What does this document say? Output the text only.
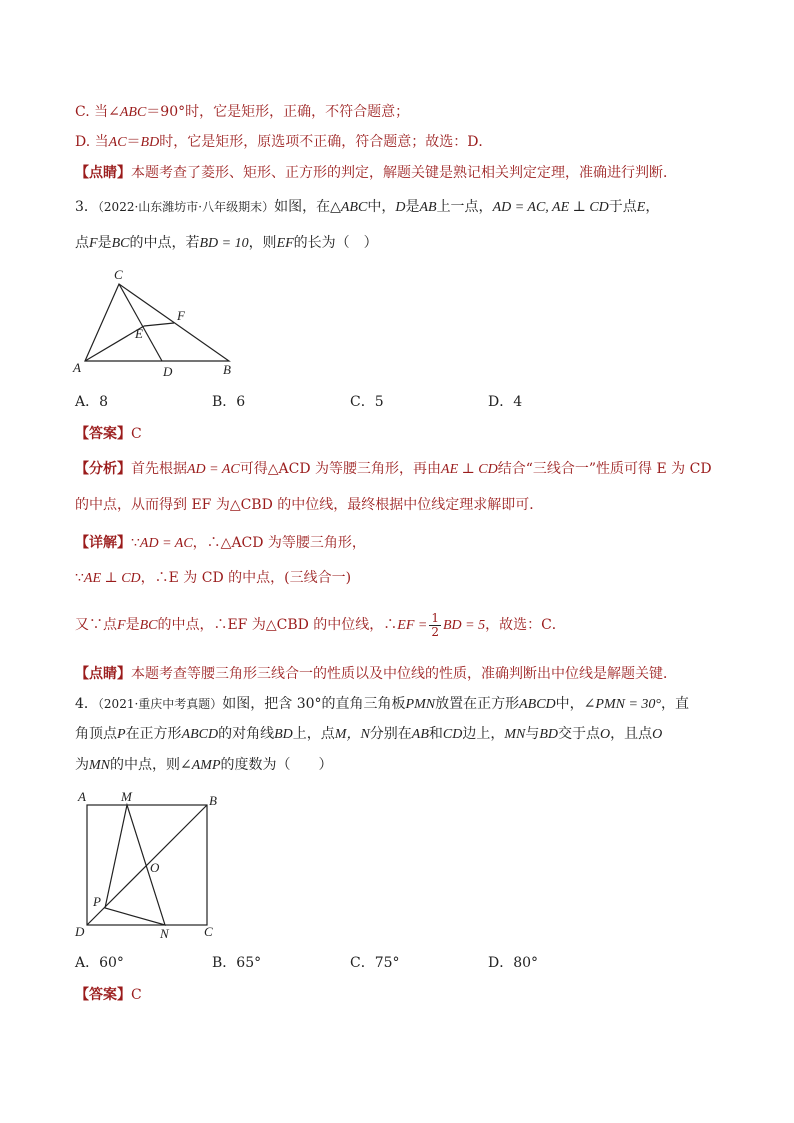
C. 当∠ABC＝90°时，它是矩形，正确，不符合题意；
D. 当AC＝BD时，它是矩形，原选项不正确，符合题意；故选：D．
【点睛】本题考查了菱形、矩形、正方形的判定，解题关键是熟记相关判定定理，准确进行判断．
3．（2022·山东潍坊市·八年级期末）如图，在△ABC中，D是AB上一点，AD = AC, AE ⊥ CD于点E，
点F是BC的中点，若BD = 10，则EF的长为（　）
C
F
E
A	D	B
A．8	B．6	C．5	D．4
【答案】C
【分析】首先根据AD = AC可得△ACD 为等腰三角形，再由AE ⊥ CD结合“三线合一”性质可得 E 为 CD
的中点，从而得到 EF 为△CBD 的中位线，最终根据中位线定理求解即可．
【详解】∵AD = AC，∴△ACD 为等腰三角形，
∵AE ⊥ CD，∴E 为 CD 的中点，(三线合一)
又∵点F是BC的中点，∴EF 为△CBD 的中位线，∴EF = $\frac{1}{2}$ BD = 5，故选：C．
【点睛】本题考查等腰三角形三线合一的性质以及中位线的性质，准确判断出中位线是解题关键．
4．（2021·重庆中考真题）如图，把含 30°的直角三角板PMN放置在正方形ABCD中，∠PMN = 30°，直
角顶点P在正方形ABCD的对角线BD上，点M，N分别在AB和CD边上，MN与BD交于点O，且点O
为MN的中点，则∠AMP的度数为（　　）
A	M	B
O
P
D	N	C
A．60°	B．65°	C．75°	D．80°
【答案】C
